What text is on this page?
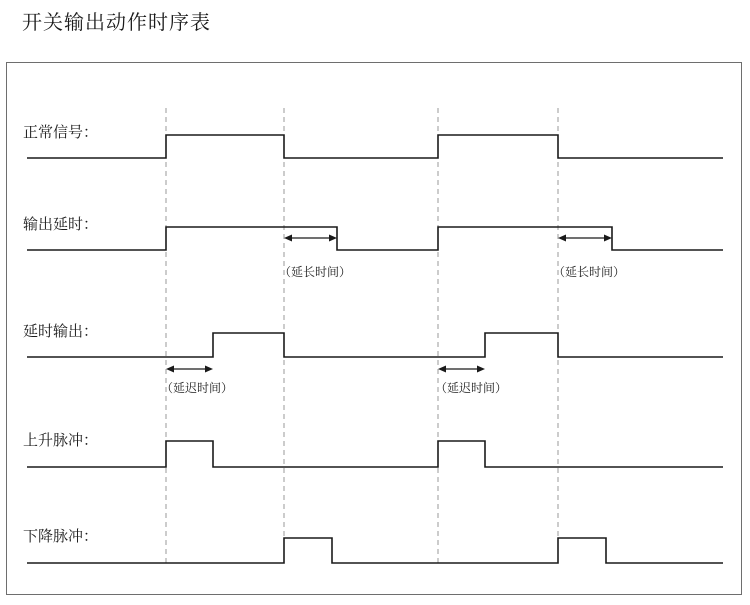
开关输出动作时序表
正常信号：
输出延时：
延时输出：
上升脉冲：
下降脉冲：
（延长时间）	（延长时间）
（延迟时间）	（延迟时间）
